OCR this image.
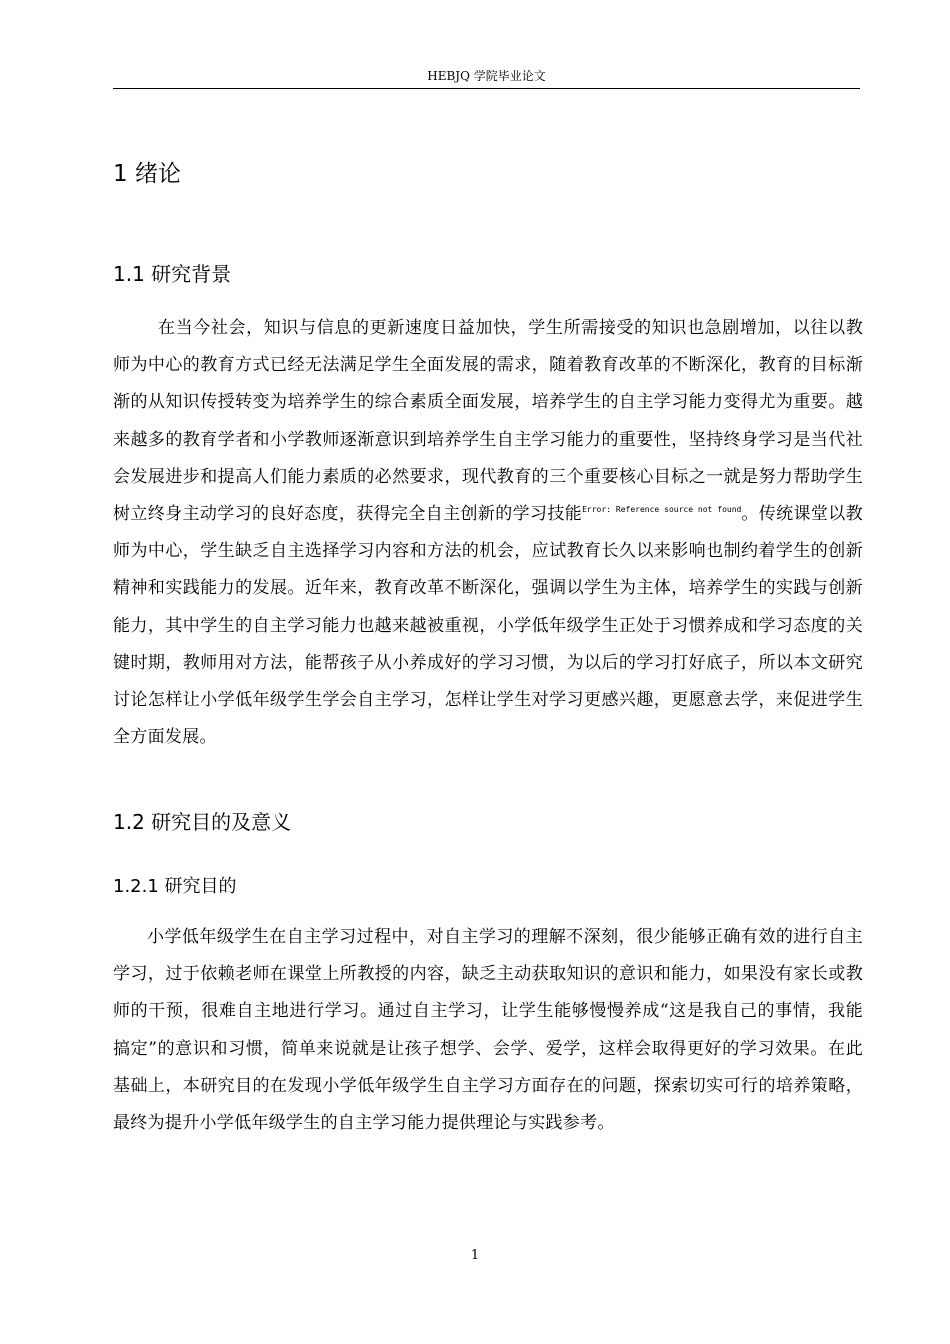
HEBJQ 学院毕业论文
1 绪论
1.1 研究背景

在当今社会，知识与信息的更新速度日益加快，学生所需接受的知识也急剧增加，以往以教师为中心的教育方式已经无法满足学生全面发展的需求，随着教育改革的不断深化，教育的目标渐渐的从知识传授转变为培养学生的综合素质全面发展，培养学生的自主学习能力变得尤为重要。越来越多的教育学者和小学教师逐渐意识到培养学生自主学习能力的重要性，坚持终身学习是当代社会发展进步和提高人们能力素质的必然要求，现代教育的三个重要核心目标之一就是努力帮助学生树立终身主动学习的良好态度，获得完全自主创新的学习技能$^{Error: Reference source not found}$。传统课堂以教师为中心，学生缺乏自主选择学习内容和方法的机会，应试教育长久以来影响也制约着学生的创新精神和实践能力的发展。近年来，教育改革不断深化，强调以学生为主体，培养学生的实践与创新能力，其中学生的自主学习能力也越来越被重视，小学低年级学生正处于习惯养成和学习态度的关键时期，教师用对方法，能帮孩子从小养成好的学习习惯，为以后的学习打好底子，所以本文研究讨论怎样让小学低年级学生学会自主学习，怎样让学生对学习更感兴趣，更愿意去学，来促进学生全方面发展。

1.2 研究目的及意义
1.2.1 研究目的

小学低年级学生在自主学习过程中，对自主学习的理解不深刻，很少能够正确有效的进行自主学习，过于依赖老师在课堂上所教授的内容，缺乏主动获取知识的意识和能力，如果没有家长或教师的干预，很难自主地进行学习。通过自主学习，让学生能够慢慢养成“这是我自己的事情，我能搞定”的意识和习惯，简单来说就是让孩子想学、会学、爱学，这样会取得更好的学习效果。在此基础上，本研究目的在发现小学低年级学生自主学习方面存在的问题，探索切实可行的培养策略，最终为提升小学低年级学生的自主学习能力提供理论与实践参考。

1
